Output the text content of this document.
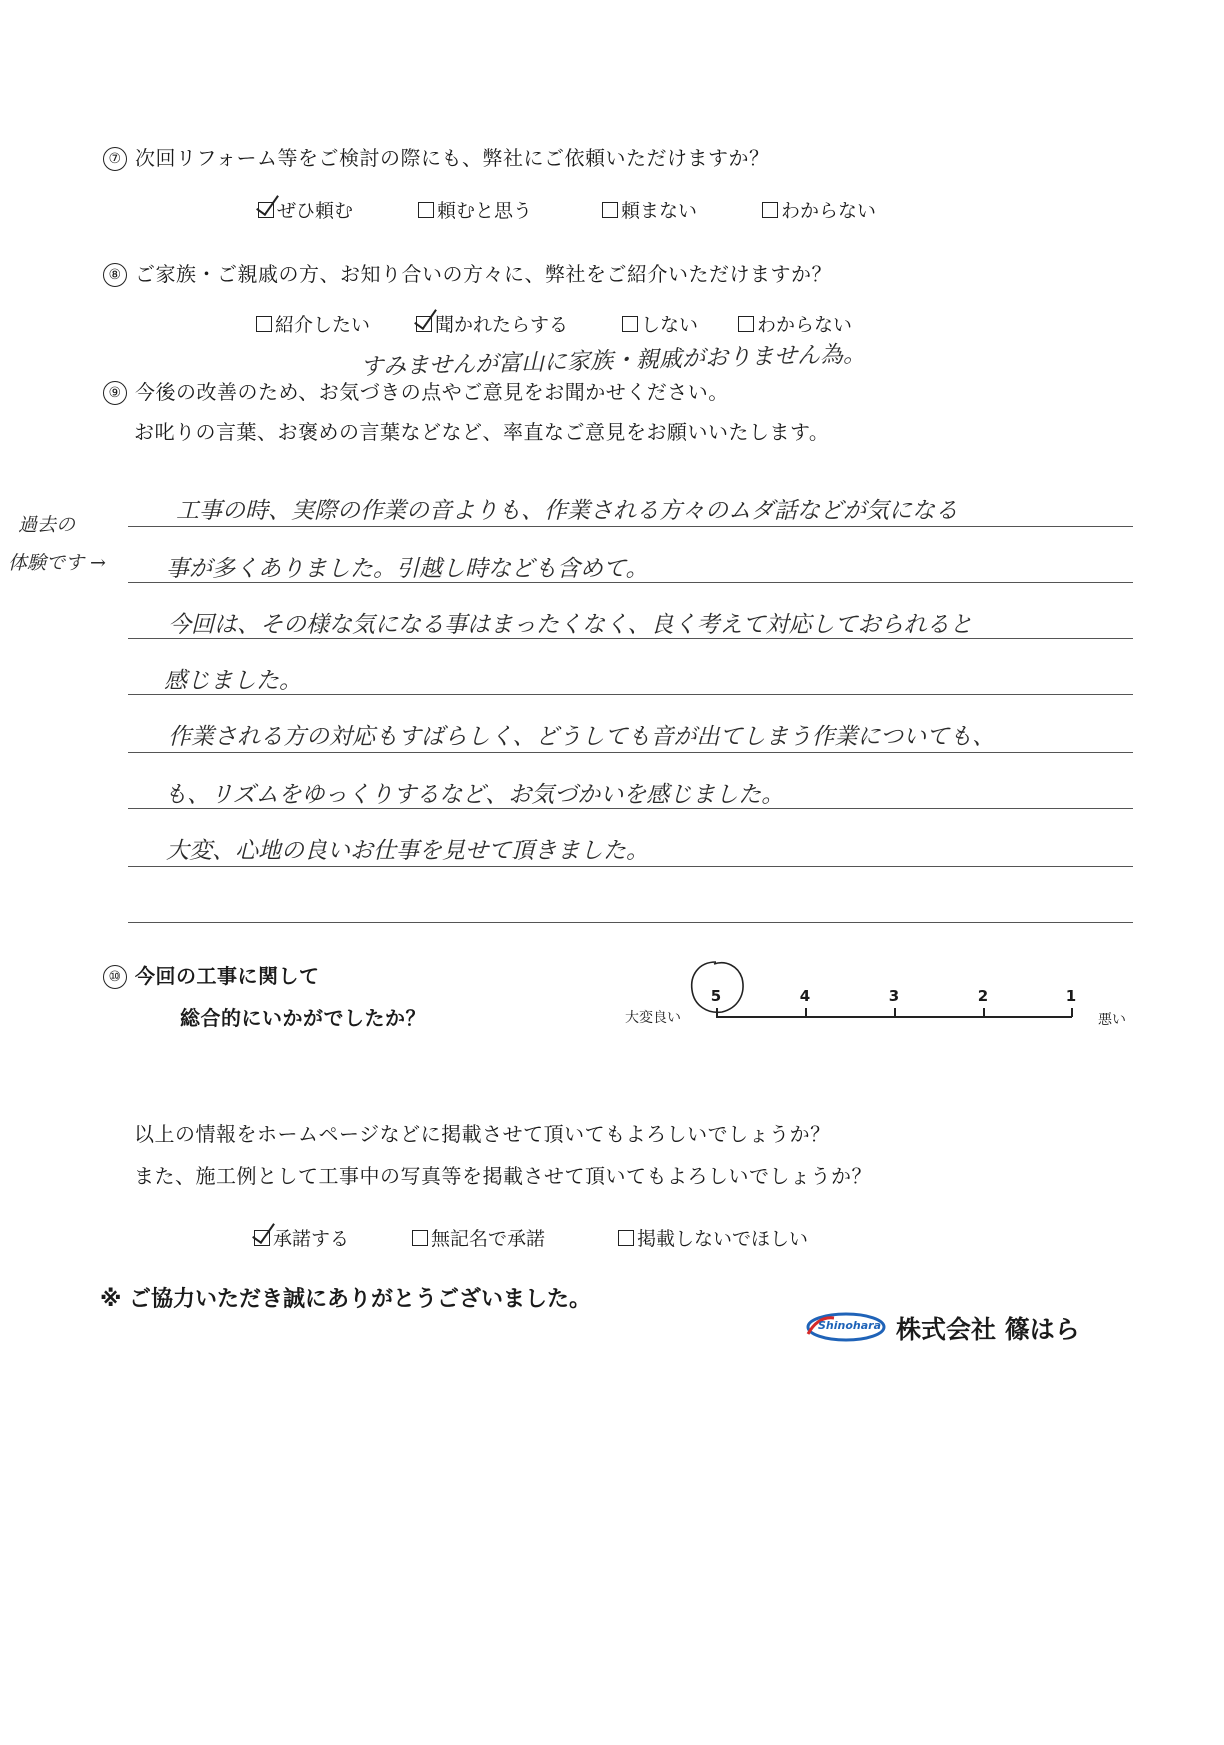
⑦ 次回リフォーム等をご検討の際にも、弊社にご依頼いただけますか？
ぜひ頼む	頼むと思う	頼まない	わからない
⑧ ご家族・ご親戚の方、お知り合いの方々に、弊社をご紹介いただけますか？
紹介したい	聞かれたらする	しない	わからない
すみませんが富山に家族・親戚がおりません為。
⑨ 今後の改善のため、お気づきの点やご意見をお聞かせください。
お叱りの言葉、お褒めの言葉などなど、率直なご意見をお願いいたします。
過去の
体験です →
工事の時、実際の作業の音よりも、作業される方々のムダ話などが気になる
事が多くありました。引越し時なども含めて。
今回は、その様な気になる事はまったくなく、良く考えて対応しておられると
感じました。
作業される方の対応もすばらしく、どうしても音が出てしまう作業についても、
も、リズムをゆっくりするなど、お気づかいを感じました。
大変、心地の良いお仕事を見せて頂きました。
⑩ 今回の工事に関して
総合的にいかがでしたか？	大変良い	悪い
5	4	3	2	1
以上の情報をホームページなどに掲載させて頂いてもよろしいでしょうか？
また、施工例として工事中の写真等を掲載させて頂いてもよろしいでしょうか？
承諾する	無記名で承諾	掲載しないでほしい
※ ご協力いただき誠にありがとうございました。
Shinohara 株式会社 篠はら
